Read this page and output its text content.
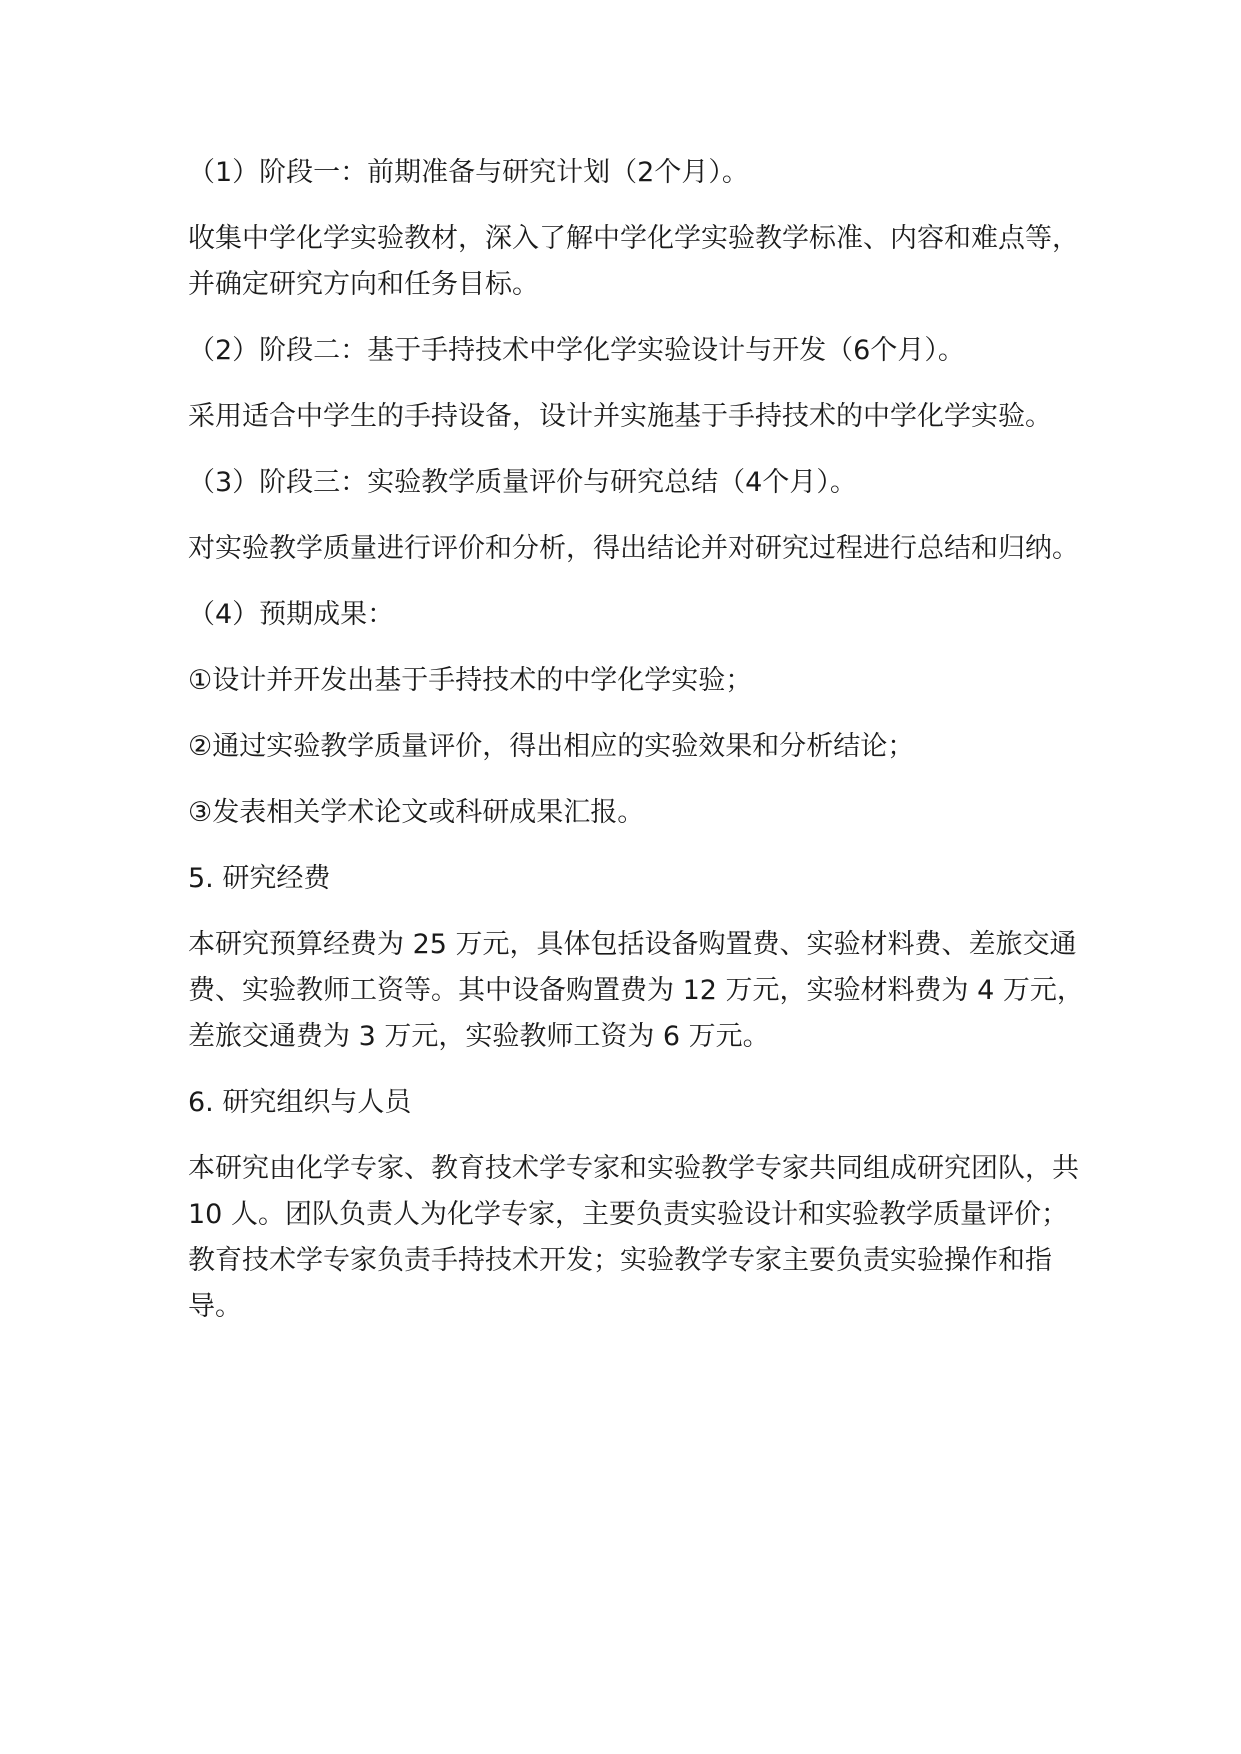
（1）阶段一：前期准备与研究计划（2个月）。

收集中学化学实验教材，深入了解中学化学实验教学标准、内容和难点等，并确定研究方向和任务目标。

（2）阶段二：基于手持技术中学化学实验设计与开发（6个月）。

采用适合中学生的手持设备，设计并实施基于手持技术的中学化学实验。

（3）阶段三：实验教学质量评价与研究总结（4个月）。

对实验教学质量进行评价和分析，得出结论并对研究过程进行总结和归纳。

（4）预期成果：

①设计并开发出基于手持技术的中学化学实验；

②通过实验教学质量评价，得出相应的实验效果和分析结论；

③发表相关学术论文或科研成果汇报。

5. 研究经费

本研究预算经费为 25 万元，具体包括设备购置费、实验材料费、差旅交通费、实验教师工资等。其中设备购置费为 12 万元，实验材料费为 4 万元，差旅交通费为 3 万元，实验教师工资为 6 万元。

6. 研究组织与人员

本研究由化学专家、教育技术学专家和实验教学专家共同组成研究团队，共 10 人。团队负责人为化学专家，主要负责实验设计和实验教学质量评价；教育技术学专家负责手持技术开发；实验教学专家主要负责实验操作和指导。
